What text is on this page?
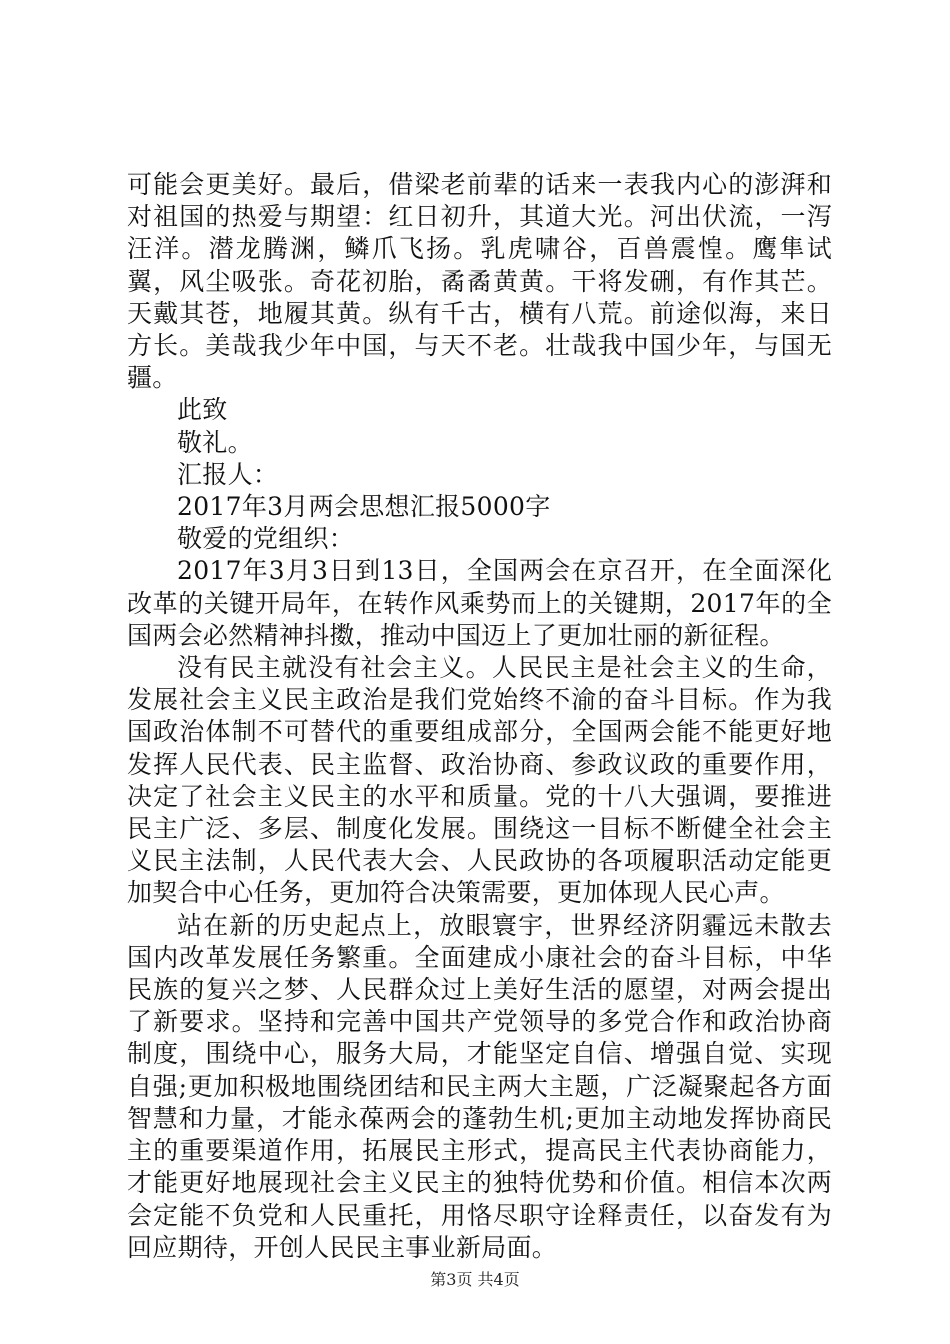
可能会更美好。最后，借梁老前辈的话来一表我内心的澎湃和对祖国的热爱与期望：红日初升，其道大光。河出伏流，一泻汪洋。潜龙腾渊，鳞爪飞扬。乳虎啸谷，百兽震惶。鹰隼试翼，风尘吸张。奇花初胎，矞矞黄黄。干将发硎，有作其芒。天戴其苍，地履其黄。纵有千古，横有八荒。前途似海，来日方长。美哉我少年中国，与天不老。壮哉我中国少年，与国无疆。

此致

敬礼。

汇报人：

2017年3月两会思想汇报5000字

敬爱的党组织：

2017年3月3日到13日，全国两会在京召开，在全面深化改革的关键开局年，在转作风乘势而上的关键期，2017年的全国两会必然精神抖擞，推动中国迈上了更加壮丽的新征程。

没有民主就没有社会主义。人民民主是社会主义的生命，发展社会主义民主政治是我们党始终不渝的奋斗目标。作为我国政治体制不可替代的重要组成部分，全国两会能不能更好地发挥人民代表、民主监督、政治协商、参政议政的重要作用，决定了社会主义民主的水平和质量。党的十八大强调，要推进民主广泛、多层、制度化发展。围绕这一目标不断健全社会主义民主法制，人民代表大会、人民政协的各项履职活动定能更加契合中心任务，更加符合决策需要，更加体现人民心声。

站在新的历史起点上，放眼寰宇，世界经济阴霾远未散去国内改革发展任务繁重。全面建成小康社会的奋斗目标，中华民族的复兴之梦、人民群众过上美好生活的愿望，对两会提出了新要求。坚持和完善中国共产党领导的多党合作和政治协商制度，围绕中心，服务大局，才能坚定自信、增强自觉、实现自强;更加积极地围绕团结和民主两大主题，广泛凝聚起各方面智慧和力量，才能永葆两会的蓬勃生机;更加主动地发挥协商民主的重要渠道作用，拓展民主形式，提高民主代表协商能力，才能更好地展现社会主义民主的独特优势和价值。相信本次两会定能不负党和人民重托，用恪尽职守诠释责任，以奋发有为回应期待，开创人民民主事业新局面。

第3页 共4页
